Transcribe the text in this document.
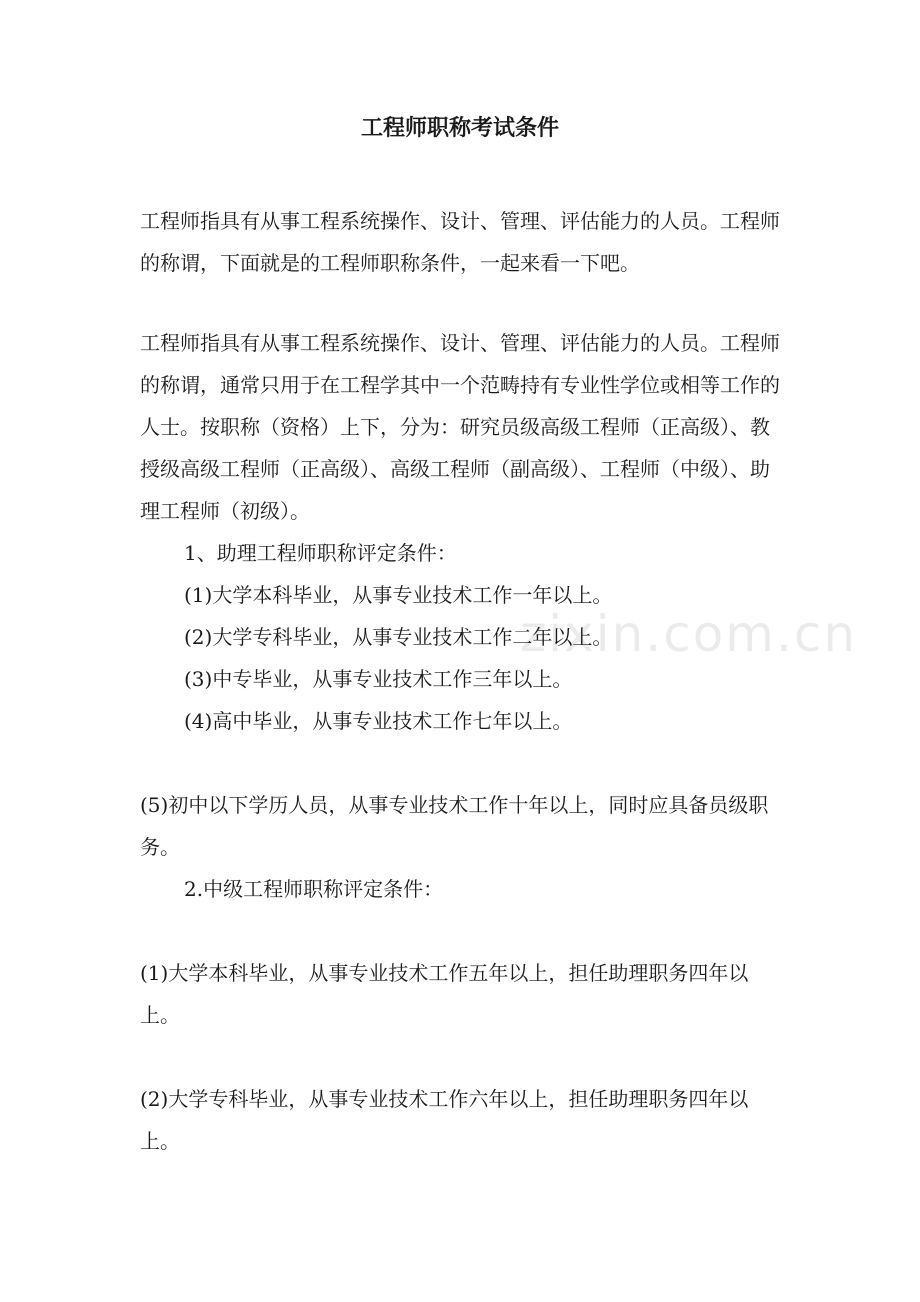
工程师职称考试条件

工程师指具有从事工程系统操作、设计、管理、评估能力的人员。工程师的称谓，下面就是的工程师职称条件，一起来看一下吧。

工程师指具有从事工程系统操作、设计、管理、评估能力的人员。工程师的称谓，通常只用于在工程学其中一个范畴持有专业性学位或相等工作的人士。按职称（资格）上下，分为：研究员级高级工程师（正高级）、教授级高级工程师（正高级）、高级工程师（副高级）、工程师（中级）、助理工程师（初级）。

1、助理工程师职称评定条件：

(1)大学本科毕业，从事专业技术工作一年以上。

(2)大学专科毕业，从事专业技术工作二年以上。

(3)中专毕业，从事专业技术工作三年以上。

(4)高中毕业，从事专业技术工作七年以上。

(5)初中以下学历人员，从事专业技术工作十年以上，同时应具备员级职务。

2.中级工程师职称评定条件：

(1)大学本科毕业，从事专业技术工作五年以上，担任助理职务四年以上。

(2)大学专科毕业，从事专业技术工作六年以上，担任助理职务四年以上。

zixin.com.cn
